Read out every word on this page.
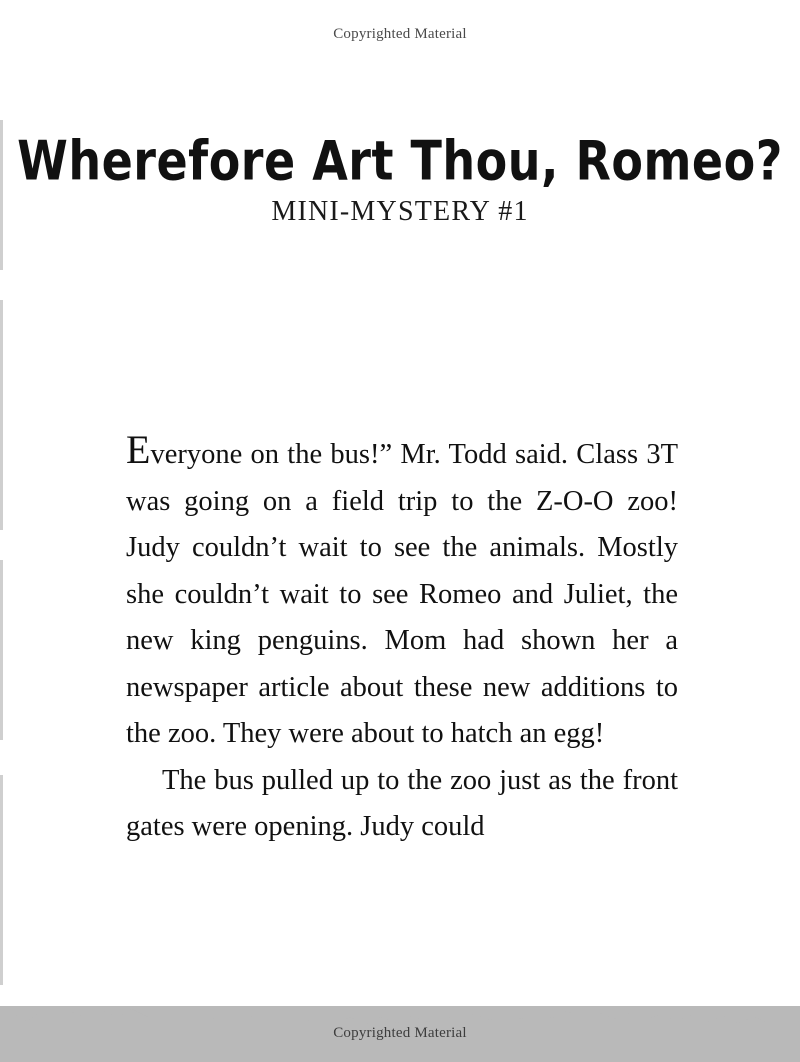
Copyrighted Material
Wherefore Art Thou, Romeo?
MINI-MYSTERY #1

Everyone on the bus!” Mr. Todd said. Class 3T was going on a field trip to the Z-O-O zoo! Judy couldn’t wait to see the animals. Mostly she couldn’t wait to see Romeo and Juliet, the new king penguins. Mom had shown her a newspaper article about these new additions to the zoo. They were about to hatch an egg!

The bus pulled up to the zoo just as the front gates were opening. Judy could

Copyrighted Material
